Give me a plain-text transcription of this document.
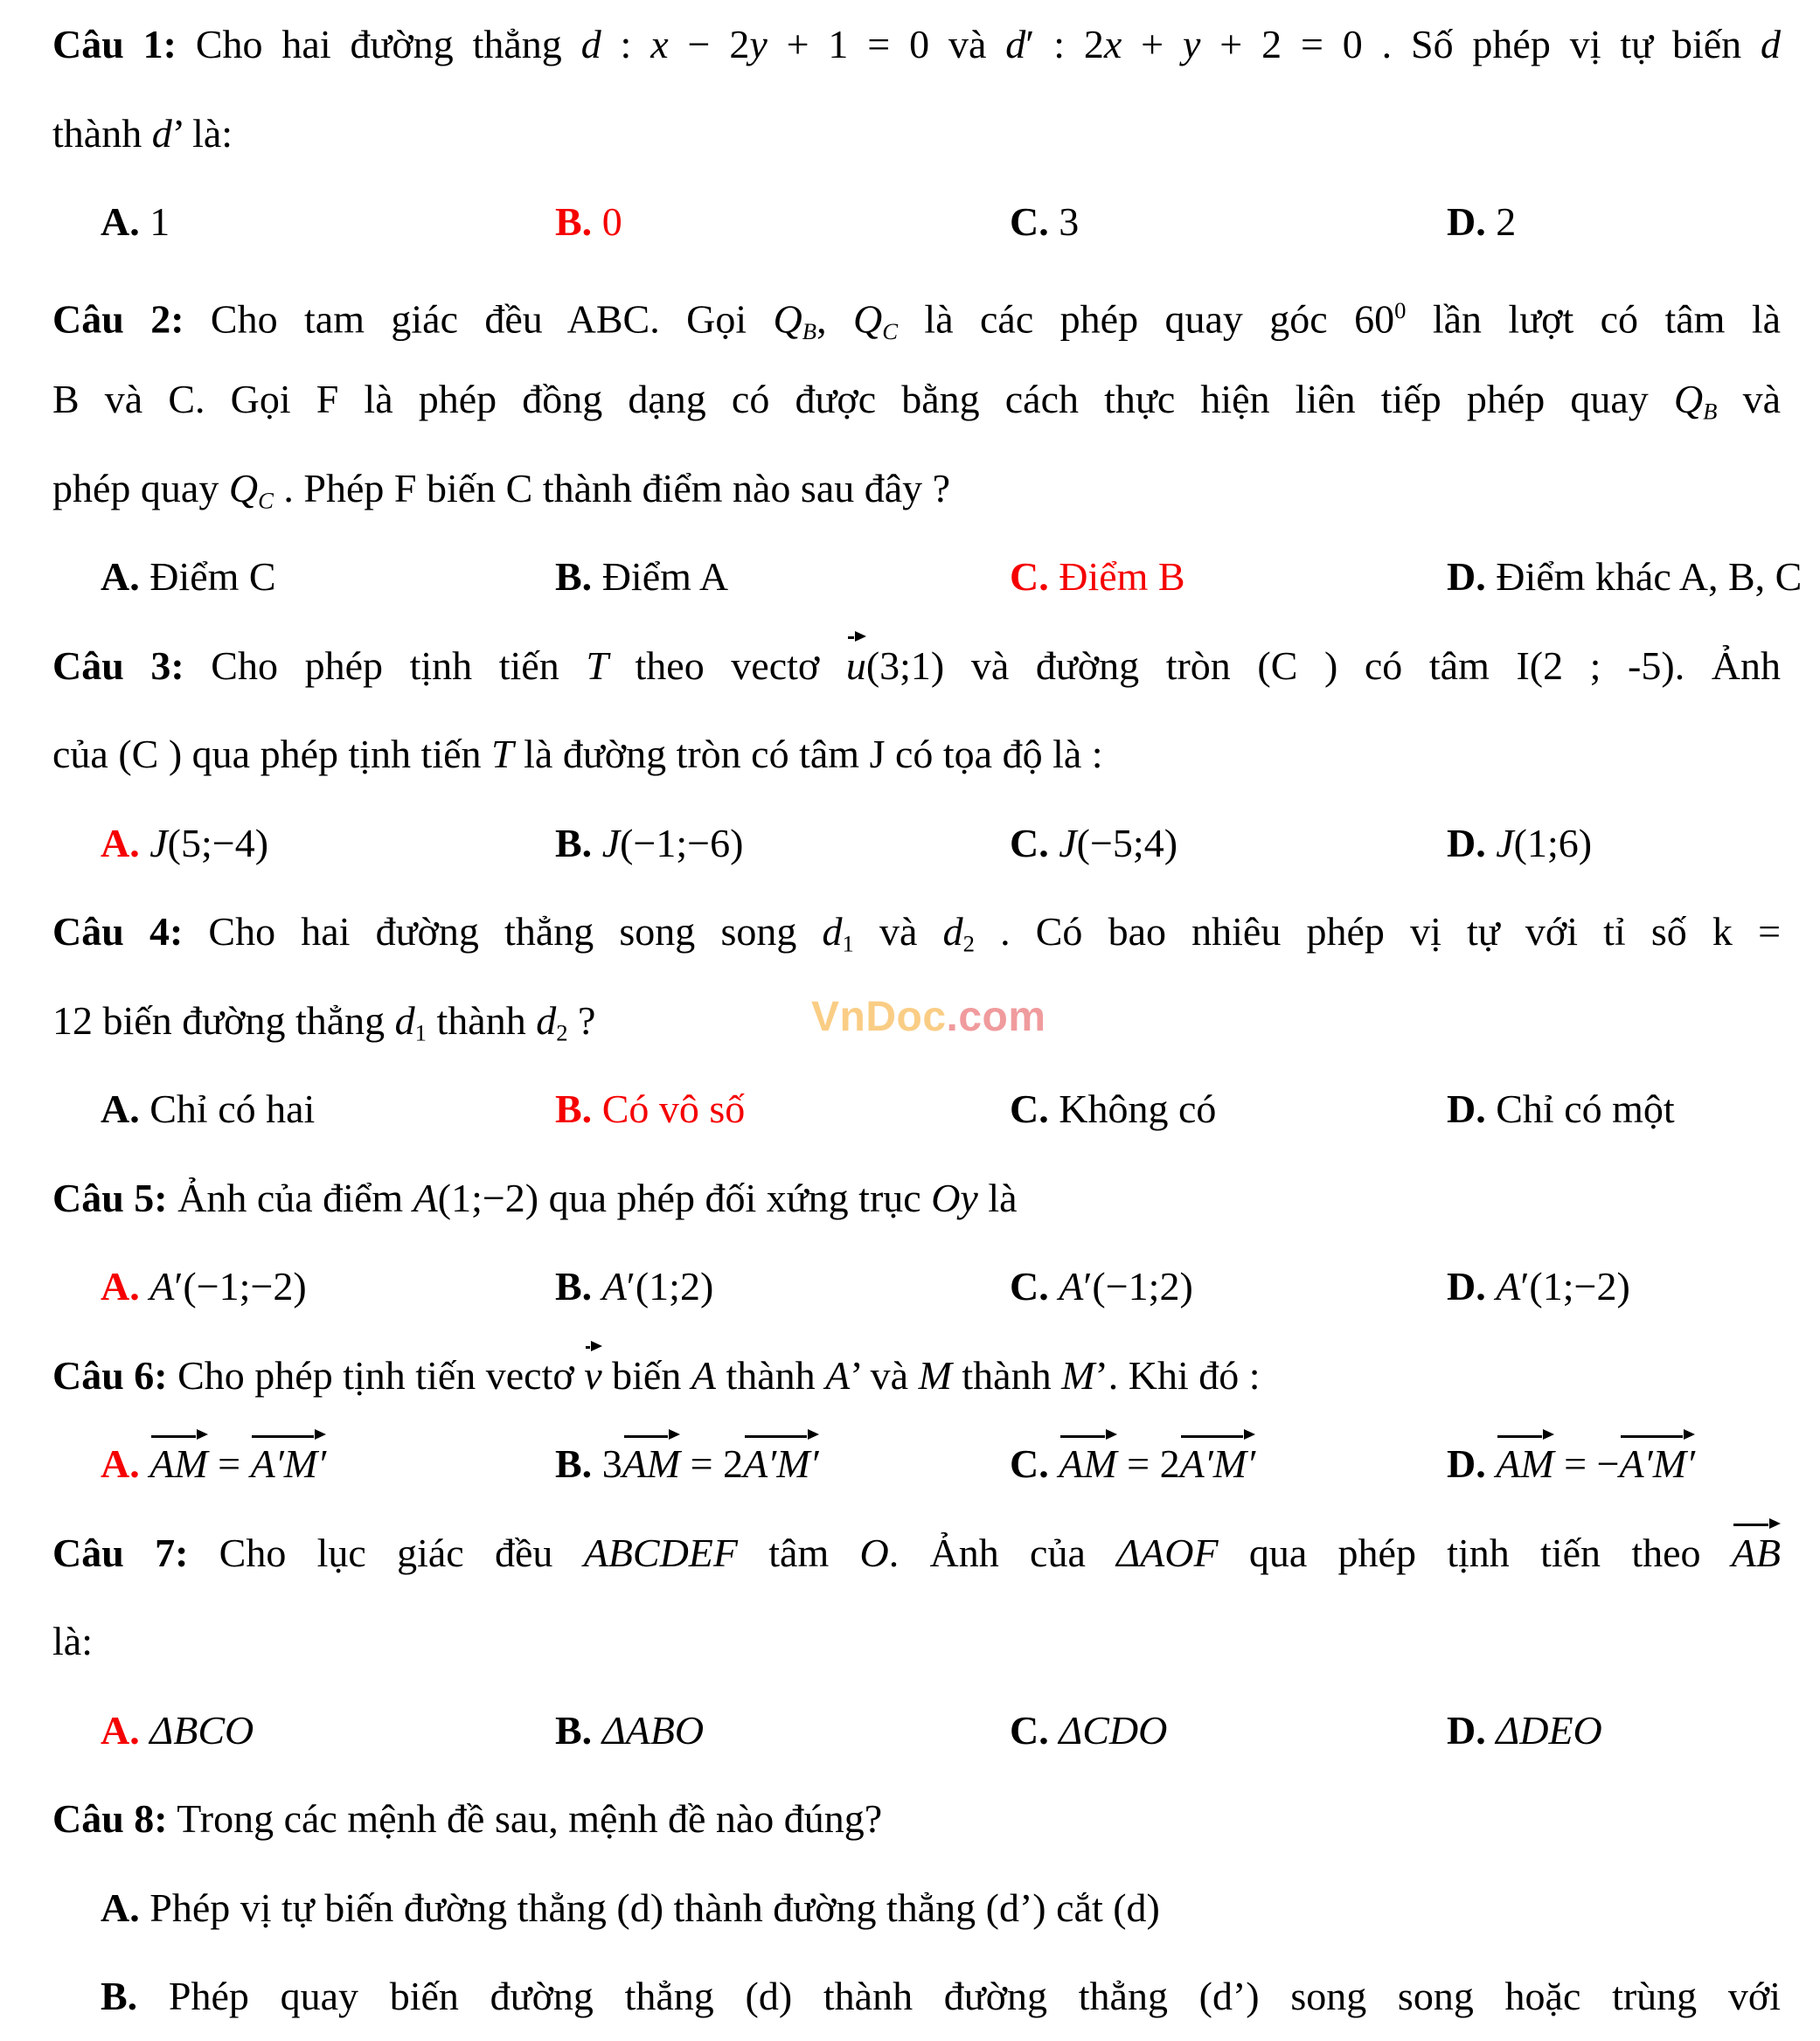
VnDoc.com
Câu 1: Cho hai đường thẳng d : x − 2y + 1 = 0 và d′ : 2x + y + 2 = 0 . Số phép vị tự biến d
thành d’ là:
A. 1	B. 0	C. 3	D. 2
Câu 2: Cho tam giác đều ABC. Gọi $Q_B$, $Q_C$ là các phép quay góc $60^0$ lần lượt có tâm là
B và C. Gọi F là phép đồng dạng có được bằng cách thực hiện liên tiếp phép quay $Q_B$ và
phép quay $Q_C$ . Phép F biến C thành điểm nào sau đây ?
A. Điểm C	B. Điểm A	C. Điểm B	D. Điểm khác A, B, C
Câu 3: Cho phép tịnh tiến T theo vectơ u(3;1) và đường tròn (C ) có tâm I(2 ; -5). Ảnh
của (C ) qua phép tịnh tiến T là đường tròn có tâm J có tọa độ là :
A. J(5;−4)	B. J(−1;−6)	C. J(−5;4)	D. J(1;6)
Câu 4: Cho hai đường thẳng song song $d_1$ và $d_2$ . Có bao nhiêu phép vị tự với tỉ số k =
12 biến đường thẳng $d_1$ thành $d_2$ ?
A. Chỉ có hai	B. Có vô số	C. Không có	D. Chỉ có một
Câu 5: Ảnh của điểm A(1;−2) qua phép đối xứng trục Oy là
A. A′(−1;−2)	B. A′(1;2)	C. A′(−1;2)	D. A′(1;−2)
Câu 6: Cho phép tịnh tiến vectơ v biến A thành A’ và M thành M’. Khi đó :
A. AM = A′M′	B. 3AM = 2A′M′	C. AM = 2A′M′	D. AM = −A′M′
Câu 7: Cho lục giác đều ABCDEF tâm O. Ảnh của ΔAOF qua phép tịnh tiến theo AB
là:
A. ΔBCO	B. ΔABO	C. ΔCDO	D. ΔDEO
Câu 8: Trong các mệnh đề sau, mệnh đề nào đúng?
A. Phép vị tự biến đường thẳng (d) thành đường thẳng (d’) cắt (d)
B. Phép quay biến đường thẳng (d) thành đường thẳng (d’) song song hoặc trùng với
